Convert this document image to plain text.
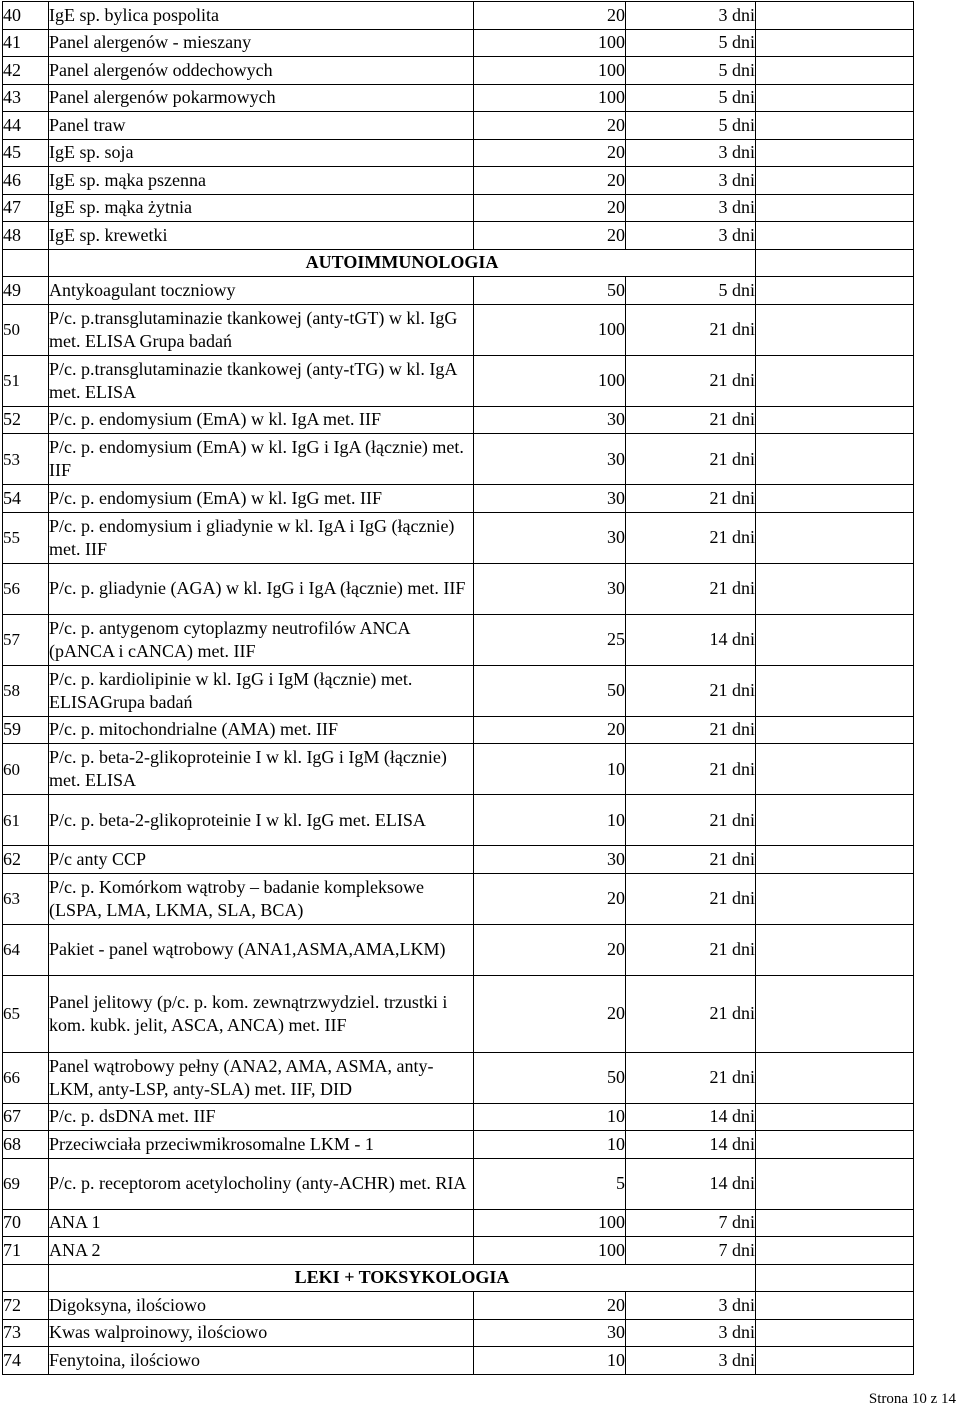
40	IgE sp. bylica pospolita	20	3 dni	
41	Panel alergenów - mieszany	100	5 dni	
42	Panel alergenów oddechowych	100	5 dni	
43	Panel alergenów pokarmowych	100	5 dni	
44	Panel traw	20	5 dni	
45	IgE sp. soja	20	3 dni	
46	IgE sp. mąka pszenna	20	3 dni	
47	IgE sp. mąka żytnia	20	3 dni	
48	IgE sp. krewetki	20	3 dni	
	AUTOIMMUNOLOGIA			
49	Antykoagulant toczniowy	50	5 dni	
50	P/c. p.transglutaminazie tkankowej (anty-tGT) w kl. IgG met. ELISA Grupa badań	100	21 dni	
51	P/c. p.transglutaminazie tkankowej (anty-tTG) w kl. IgA met. ELISA	100	21 dni	
52	P/c. p. endomysium (EmA) w kl. IgA met. IIF	30	21 dni	
53	P/c. p. endomysium (EmA) w kl. IgG i IgA (łącznie) met. IIF	30	21 dni	
54	P/c. p. endomysium (EmA) w kl. IgG met. IIF	30	21 dni	
55	P/c. p. endomysium i gliadynie w kl. IgA i IgG (łącznie) met. IIF	30	21 dni	
56	P/c. p. gliadynie (AGA) w kl. IgG i IgA (łącznie) met. IIF	30	21 dni	
57	P/c. p. antygenom cytoplazmy neutrofilów ANCA (pANCA i cANCA) met. IIF	25	14 dni	
58	P/c. p. kardiolipinie w kl. IgG i IgM (łącznie) met. ELISAGrupa badań	50	21 dni	
59	P/c. p. mitochondrialne (AMA) met. IIF	20	21 dni	
60	P/c. p. beta-2-glikoproteinie I w kl. IgG i IgM (łącznie) met. ELISA	10	21 dni	
61	P/c. p. beta-2-glikoproteinie I w kl. IgG met. ELISA	10	21 dni	
62	P/c anty CCP	30	21 dni	
63	P/c. p. Komórkom wątroby – badanie kompleksowe (LSPA, LMA, LKMA, SLA, BCA)	20	21 dni	
64	Pakiet - panel wątrobowy (ANA1,ASMA,AMA,LKM)	20	21 dni	
65	Panel jelitowy (p/c. p. kom. zewnątrzwydziel. trzustki i kom. kubk. jelit, ASCA, ANCA) met. IIF	20	21 dni	
66	Panel wątrobowy pełny (ANA2, AMA, ASMA, anty-LKM, anty-LSP, anty-SLA) met. IIF, DID	50	21 dni	
67	P/c. p. dsDNA met. IIF	10	14 dni	
68	Przeciwciała przeciwmikrosomalne LKM - 1	10	14 dni	
69	P/c. p. receptorom acetylocholiny (anty-ACHR) met. RIA	5	14 dni	
70	ANA 1	100	7 dni	
71	ANA 2	100	7 dni	
	LEKI + TOKSYKOLOGIA			
72	Digoksyna, ilościowo	20	3 dni	
73	Kwas walproinowy, ilościowo	30	3 dni	
74	Fenytoina, ilościowo	10	3 dni	
Strona 10 z 14
